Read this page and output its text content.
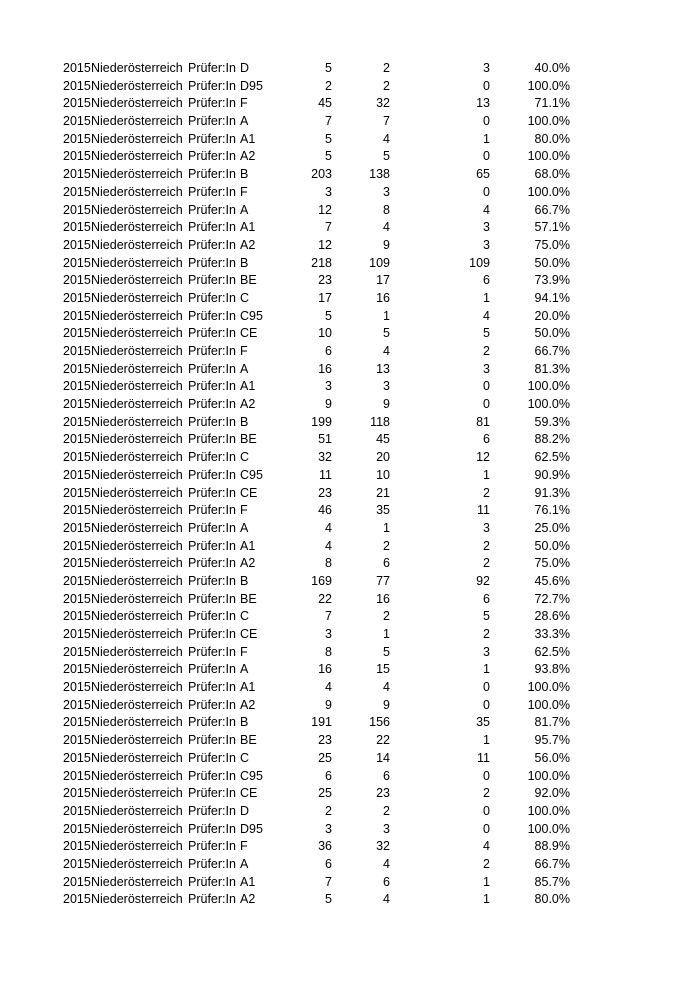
2015 Niederösterreich Prüfer:In D	5	2	3	40.0%
2015 Niederösterreich Prüfer:In D95	2	2	0	100.0%
2015 Niederösterreich Prüfer:In F	45	32	13	71.1%
2015 Niederösterreich Prüfer:In A	7	7	0	100.0%
2015 Niederösterreich Prüfer:In A1	5	4	1	80.0%
2015 Niederösterreich Prüfer:In A2	5	5	0	100.0%
2015 Niederösterreich Prüfer:In B	203	138	65	68.0%
2015 Niederösterreich Prüfer:In F	3	3	0	100.0%
2015 Niederösterreich Prüfer:In A	12	8	4	66.7%
2015 Niederösterreich Prüfer:In A1	7	4	3	57.1%
2015 Niederösterreich Prüfer:In A2	12	9	3	75.0%
2015 Niederösterreich Prüfer:In B	218	109	109	50.0%
2015 Niederösterreich Prüfer:In BE	23	17	6	73.9%
2015 Niederösterreich Prüfer:In C	17	16	1	94.1%
2015 Niederösterreich Prüfer:In C95	5	1	4	20.0%
2015 Niederösterreich Prüfer:In CE	10	5	5	50.0%
2015 Niederösterreich Prüfer:In F	6	4	2	66.7%
2015 Niederösterreich Prüfer:In A	16	13	3	81.3%
2015 Niederösterreich Prüfer:In A1	3	3	0	100.0%
2015 Niederösterreich Prüfer:In A2	9	9	0	100.0%
2015 Niederösterreich Prüfer:In B	199	118	81	59.3%
2015 Niederösterreich Prüfer:In BE	51	45	6	88.2%
2015 Niederösterreich Prüfer:In C	32	20	12	62.5%
2015 Niederösterreich Prüfer:In C95	11	10	1	90.9%
2015 Niederösterreich Prüfer:In CE	23	21	2	91.3%
2015 Niederösterreich Prüfer:In F	46	35	11	76.1%
2015 Niederösterreich Prüfer:In A	4	1	3	25.0%
2015 Niederösterreich Prüfer:In A1	4	2	2	50.0%
2015 Niederösterreich Prüfer:In A2	8	6	2	75.0%
2015 Niederösterreich Prüfer:In B	169	77	92	45.6%
2015 Niederösterreich Prüfer:In BE	22	16	6	72.7%
2015 Niederösterreich Prüfer:In C	7	2	5	28.6%
2015 Niederösterreich Prüfer:In CE	3	1	2	33.3%
2015 Niederösterreich Prüfer:In F	8	5	3	62.5%
2015 Niederösterreich Prüfer:In A	16	15	1	93.8%
2015 Niederösterreich Prüfer:In A1	4	4	0	100.0%
2015 Niederösterreich Prüfer:In A2	9	9	0	100.0%
2015 Niederösterreich Prüfer:In B	191	156	35	81.7%
2015 Niederösterreich Prüfer:In BE	23	22	1	95.7%
2015 Niederösterreich Prüfer:In C	25	14	11	56.0%
2015 Niederösterreich Prüfer:In C95	6	6	0	100.0%
2015 Niederösterreich Prüfer:In CE	25	23	2	92.0%
2015 Niederösterreich Prüfer:In D	2	2	0	100.0%
2015 Niederösterreich Prüfer:In D95	3	3	0	100.0%
2015 Niederösterreich Prüfer:In F	36	32	4	88.9%
2015 Niederösterreich Prüfer:In A	6	4	2	66.7%
2015 Niederösterreich Prüfer:In A1	7	6	1	85.7%
2015 Niederösterreich Prüfer:In A2	5	4	1	80.0%
